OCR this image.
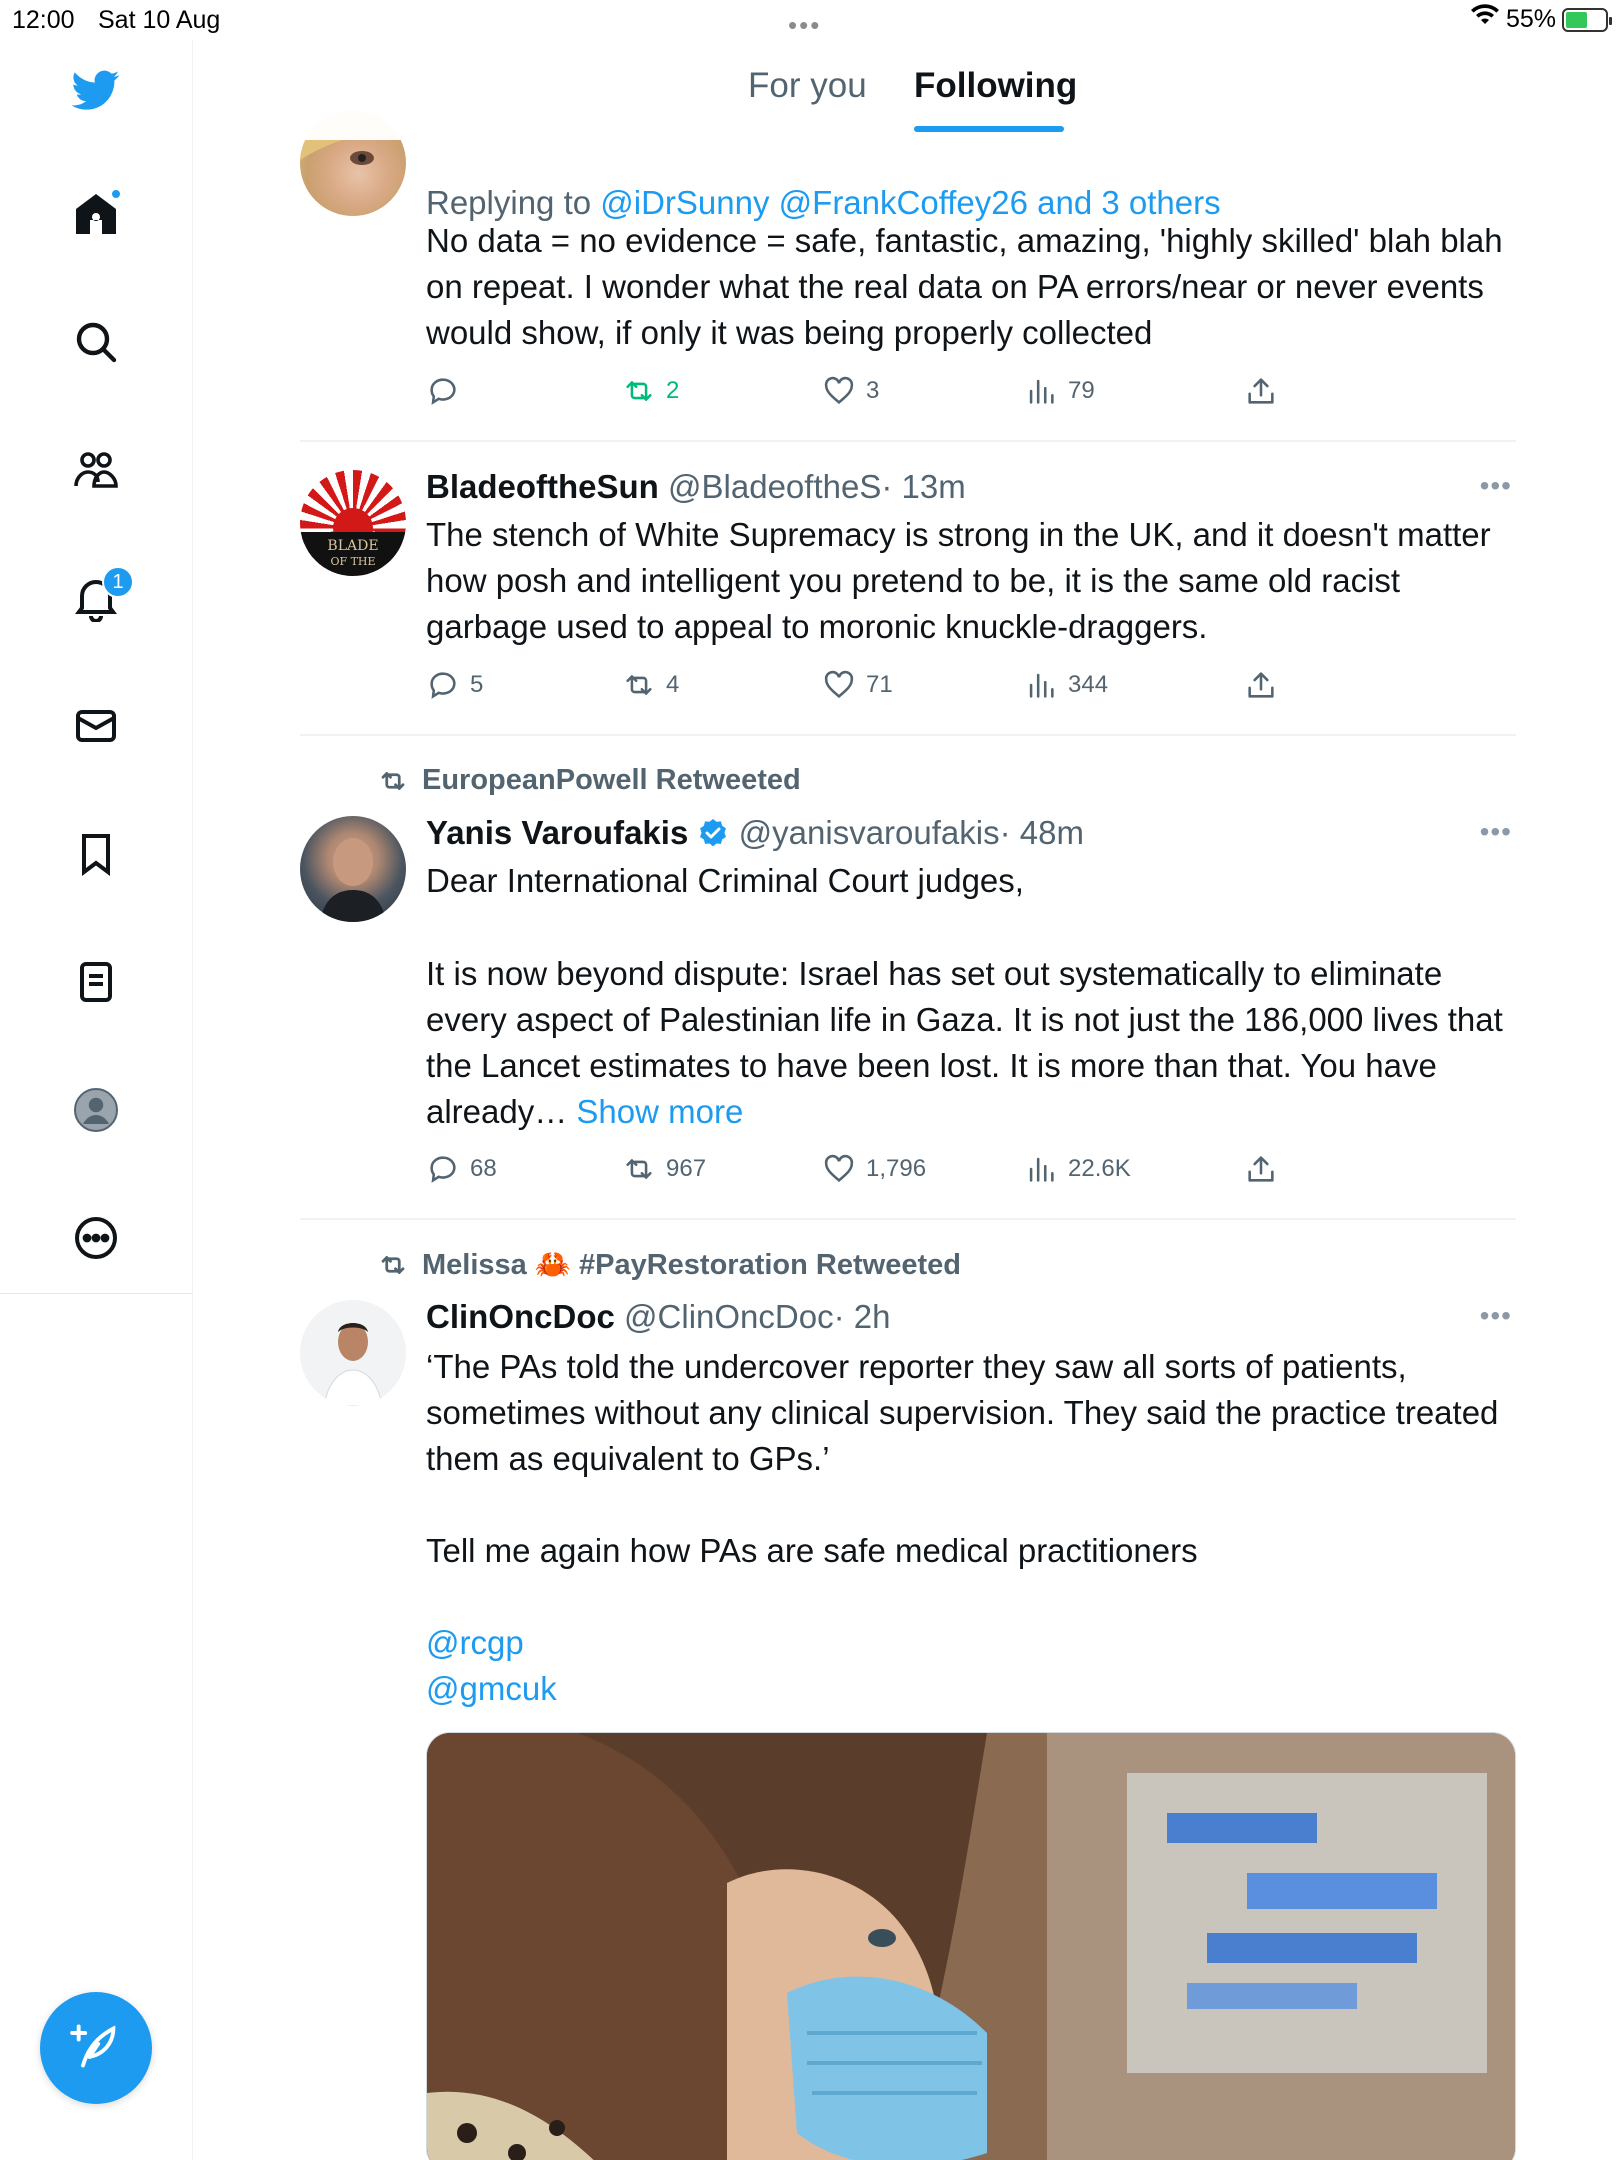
12:00 Sat 10 Aug	•••	55%
1
For you Following
Replying to @iDrSunny @FrankCoffey26 and 3 others
No data = no evidence = safe, fantastic, amazing, 'highly skilled' blah blah on repeat. I wonder what the real data on PA errors/near or never events would show, if only it was being properly collected
2	3	79
BLADE
OF THE
BladeoftheSun @BladeoftheS· 13m	•••
The stench of White Supremacy is strong in the UK, and it doesn't matter how posh and intelligent you pretend to be, it is the same old racist garbage used to appeal to moronic knuckle-draggers.
5	4	71	344
EuropeanPowell Retweeted
Yanis Varoufakis @yanisvaroufakis· 48m	•••
Dear International Criminal Court judges,
It is now beyond dispute: Israel has set out systematically to eliminate every aspect of Palestinian life in Gaza. It is not just the 186,000 lives that the Lancet estimates to have been lost. It is more than that. You have already… Show more
68	967	1,796	22.6K
Melissa 🦀 #PayRestoration Retweeted
ClinOncDoc @ClinOncDoc· 2h	•••
‘The PAs told the undercover reporter they saw all sorts of patients, sometimes without any clinical supervision. They said the practice treated them as equivalent to GPs.’
Tell me again how PAs are safe medical practitioners
@rcgp
@gmcuk
